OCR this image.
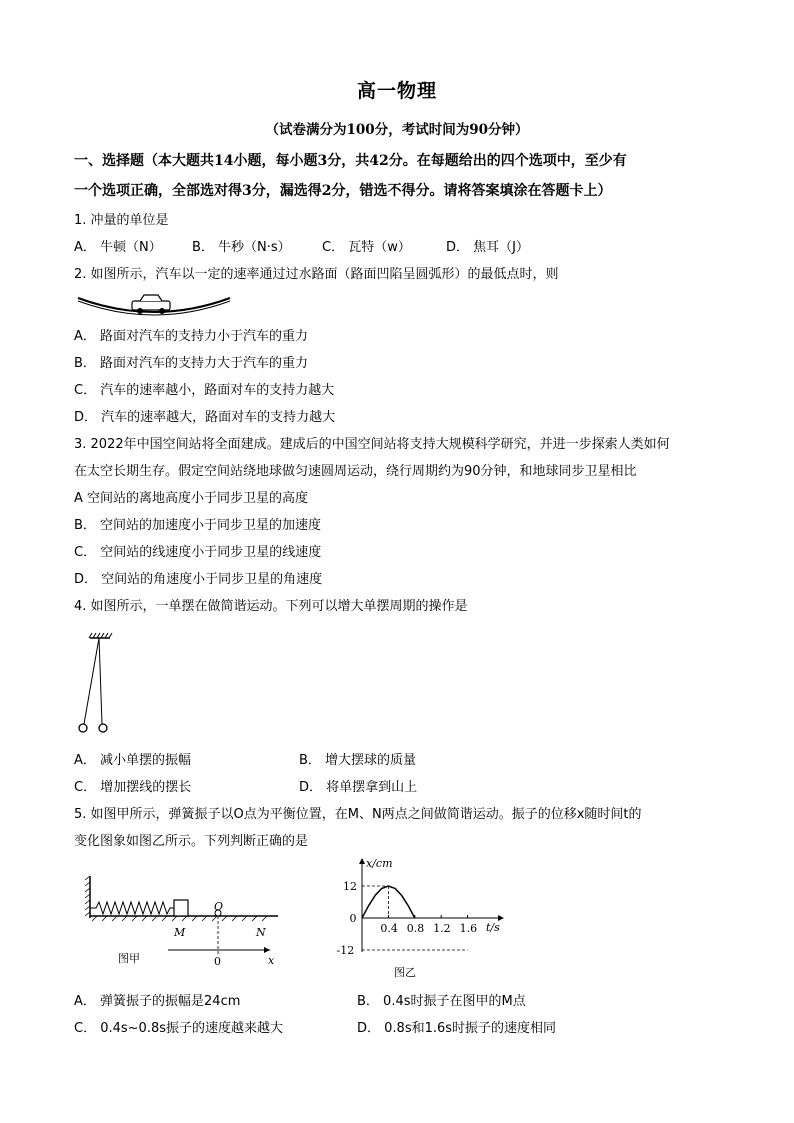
高一物理
（试卷满分为100分，考试时间为90分钟）
一、选择题（本大题共14小题，每小题3分，共42分。在每题给出的四个选项中，至少有
一个选项正确，全部选对得3分，漏选得2分，错选不得分。请将答案填涂在答题卡上）
1. 冲量的单位是
A． 牛顿（N） B． 牛秒（N·s） C． 瓦特（w）	D． 焦耳（J）
2. 如图所示，汽车以一定的速率通过过水路面（路面凹陷呈圆弧形）的最低点时，则
A． 路面对汽车的支持力小于汽车的重力
B． 路面对汽车的支持力大于汽车的重力
C． 汽车的速率越小，路面对车的支持力越大
D． 汽车的速率越大，路面对车的支持力越大
3. 2022年中国空间站将全面建成。建成后的中国空间站将支持大规模科学研究，并进一步探索人类如何
在太空长期生存。假定空间站绕地球做匀速圆周运动，绕行周期约为90分钟，和地球同步卫星相比
A 空间站的离地高度小于同步卫星的高度
B． 空间站的加速度小于同步卫星的加速度
C． 空间站的线速度小于同步卫星的线速度
D． 空间站的角速度小于同步卫星的角速度
4. 如图所示，一单摆在做简谐运动。下列可以增大单摆周期的操作是
A． 减小单摆的振幅	B． 增大摆球的质量
C． 增加摆线的摆长	D． 将单摆拿到山上
5. 如图甲所示，弹簧振子以O点为平衡位置，在M、N两点之间做简谐运动。振子的位移x随时间t的
变化图象如图乙所示。下列判断正确的是
O
M	N
0	x
图甲
x/cm
t/s
0.4 0.8 1.2 1.6
12
0
-12
图乙
A． 弹簧振子的振幅是24cm	B． 0.4s时振子在图甲的M点
C． 0.4s~0.8s振子的速度越来越大	D． 0.8s和1.6s时振子的速度相同
